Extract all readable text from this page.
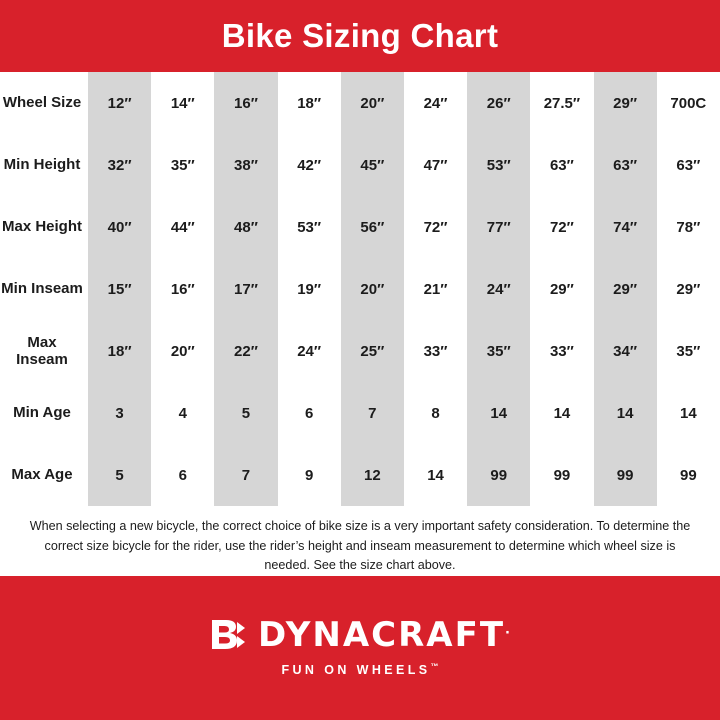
Bike Sizing Chart
Wheel Size	12″	14″	16″	18″	20″	24″	26″	27.5″	29″	700C
Min Height	32″	35″	38″	42″	45″	47″	53″	63″	63″	63″
Max Height	40″	44″	48″	53″	56″	72″	77″	72″	74″	78″
Min Inseam	15″	16″	17″	19″	20″	21″	24″	29″	29″	29″
Max Inseam	18″	20″	22″	24″	25″	33″	35″	33″	34″	35″
Min Age	3	4	5	6	7	8	14	14	14	14
Max Age	5	6	7	9	12	14	99	99	99	99
When selecting a new bicycle, the correct choice of bike size is a very important safety consideration. To determine the correct size bicycle for the rider, use the rider’s height and inseam measurement to determine which wheel size is needed. See the size chart above.
DYNACRAFT.
FUN ON WHEELS™
